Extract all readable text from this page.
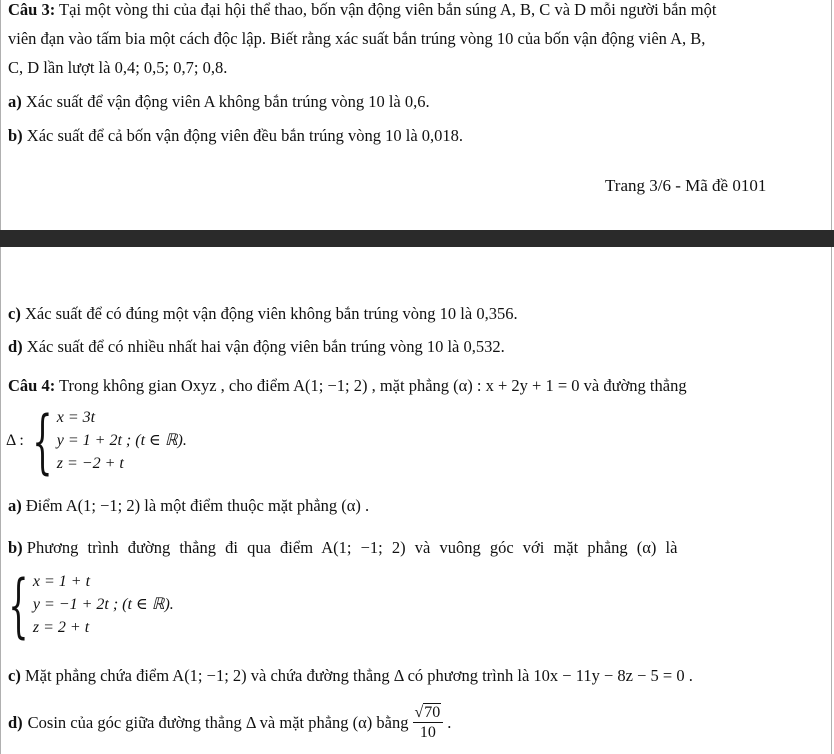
Câu 3: Tại một vòng thi của đại hội thể thao, bốn vận động viên bắn súng A, B, C và D mỗi người bắn một
viên đạn vào tấm bia một cách độc lập. Biết rằng xác suất bắn trúng vòng 10 của bốn vận động viên A, B,
C, D lần lượt là 0,4; 0,5; 0,7; 0,8.
a) Xác suất để vận động viên A không bắn trúng vòng 10 là 0,6.
b) Xác suất để cả bốn vận động viên đều bắn trúng vòng 10 là 0,018.
Trang 3/6 - Mã đề 0101
c) Xác suất để có đúng một vận động viên không bắn trúng vòng 10 là 0,356.
d) Xác suất để có nhiều nhất hai vận động viên bắn trúng vòng 10 là 0,532.
Câu 4: Trong không gian Oxyz , cho điểm A(1; −1; 2) , mặt phẳng (α) : x + 2y + 1 = 0 và đường thẳng
Δ : { x = 3t
y = 1 + 2t ; (t ∈ ℝ).
z = −2 + t
a) Điểm A(1; −1; 2) là một điểm thuộc mặt phẳng (α) .
b) Phương trình đường thẳng đi qua điểm A(1; −1; 2) và vuông góc với mặt phẳng (α) là
{ x = 1 + t
y = −1 + 2t ; (t ∈ ℝ).
z = 2 + t
c) Mặt phẳng chứa điểm A(1; −1; 2) và chứa đường thẳng Δ có phương trình là 10x − 11y − 8z − 5 = 0 .
d) Cosin của góc giữa đường thẳng Δ và mặt phẳng (α) bằng $\frac{√70}{10}$ .
